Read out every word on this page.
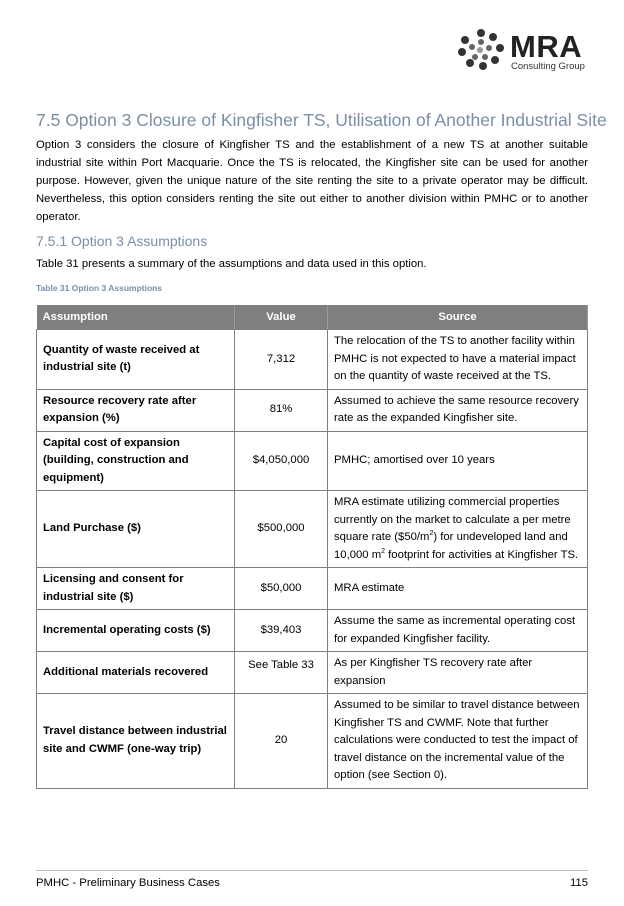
MRA
Consulting Group
7.5 Option 3 Closure of Kingfisher TS, Utilisation of Another Industrial Site

Option 3 considers the closure of Kingfisher TS and the establishment of a new TS at another suitable industrial site within Port Macquarie. Once the TS is relocated, the Kingfisher site can be used for another purpose. However, given the unique nature of the site renting the site to a private operator may be difficult. Nevertheless, this option considers renting the site out either to another division within PMHC or to another operator.

7.5.1 Option 3 Assumptions

Table 31 presents a summary of the assumptions and data used in this option.

Table 31 Option 3 Assumptions

Assumption	Value	Source
Quantity of waste received at industrial site (t)	7,312	The relocation of the TS to another facility within PMHC is not expected to have a material impact on the quantity of waste received at the TS.
Resource recovery rate after expansion (%)	81%	Assumed to achieve the same resource recovery rate as the expanded Kingfisher site.
Capital cost of expansion (building, construction and equipment)	$4,050,000	PMHC; amortised over 10 years
Land Purchase ($)	$500,000	MRA estimate utilizing commercial properties currently on the market to calculate a per metre square rate $(\$50/m^2)$ for undeveloped land and 10,000 $m^2$ footprint for activities at Kingfisher TS.
Licensing and consent for industrial site ($)	$50,000	MRA estimate
Incremental operating costs ($)	$39,403	Assume the same as incremental operating cost for expanded Kingfisher facility.
Additional materials recovered	See Table 33	As per Kingfisher TS recovery rate after expansion
Travel distance between industrial site and CWMF (one-way trip)	20	Assumed to be similar to travel distance between Kingfisher TS and CWMF. Note that further calculations were conducted to test the impact of travel distance on the incremental value of the option (see Section 0).
PMHC - Preliminary Business Cases	115
